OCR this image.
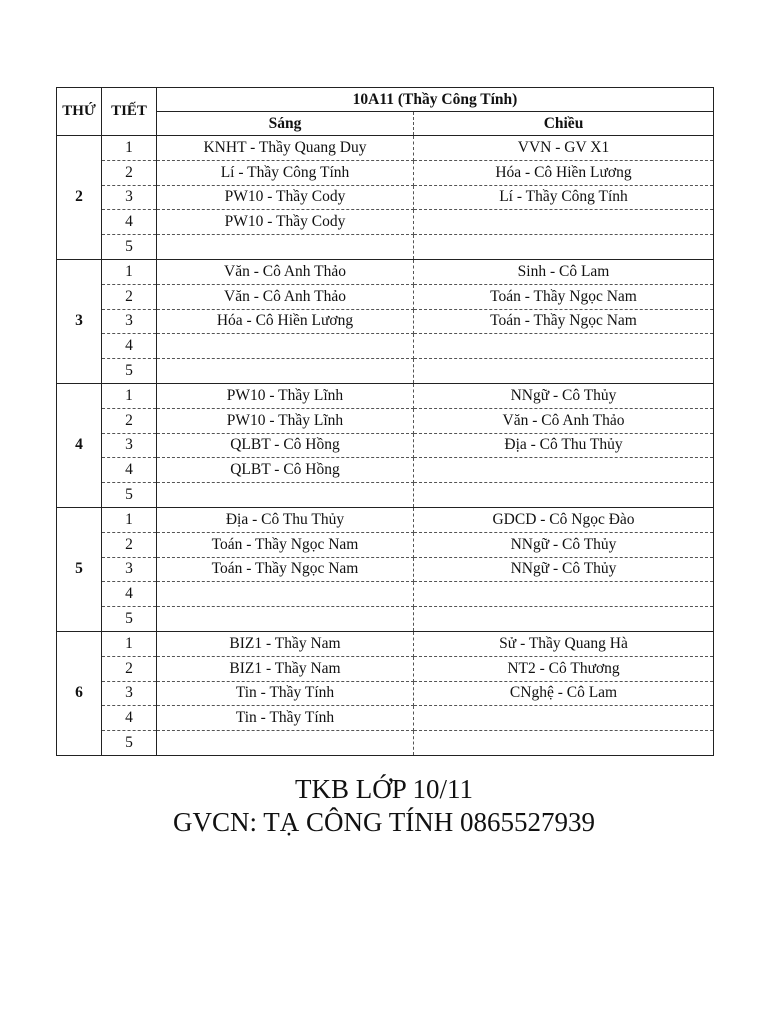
THỨ	TIẾT	10A11 (Thầy Công Tính)	
		Sáng	Chiều
2	1	KNHT - Thầy Quang Duy	VVN - GV X1
	2	Lí - Thầy Công Tính	Hóa - Cô Hiền Lương
	3	PW10 - Thầy Cody	Lí - Thầy Công Tính
	4	PW10 - Thầy Cody	
	5		
3	1	Văn - Cô Anh Thảo	Sinh - Cô Lam
	2	Văn - Cô Anh Thảo	Toán - Thầy Ngọc Nam
	3	Hóa - Cô Hiền Lương	Toán - Thầy Ngọc Nam
	4		
	5		
4	1	PW10 - Thầy Lĩnh	NNgữ - Cô Thủy
	2	PW10 - Thầy Lĩnh	Văn - Cô Anh Thảo
	3	QLBT - Cô Hồng	Địa - Cô Thu Thủy
	4	QLBT - Cô Hồng	
	5		
5	1	Địa - Cô Thu Thủy	GDCD - Cô Ngọc Đào
	2	Toán - Thầy Ngọc Nam	NNgữ - Cô Thủy
	3	Toán - Thầy Ngọc Nam	NNgữ - Cô Thủy
	4		
	5		
6	1	BIZ1 - Thầy Nam	Sử - Thầy Quang Hà
	2	BIZ1 - Thầy Nam	NT2 - Cô Thương
	3	Tin - Thầy Tính	CNghệ - Cô Lam
	4	Tin - Thầy Tính	
	5		
TKB LỚP 10/11
GVCN: TẠ CÔNG TÍNH 0865527939
